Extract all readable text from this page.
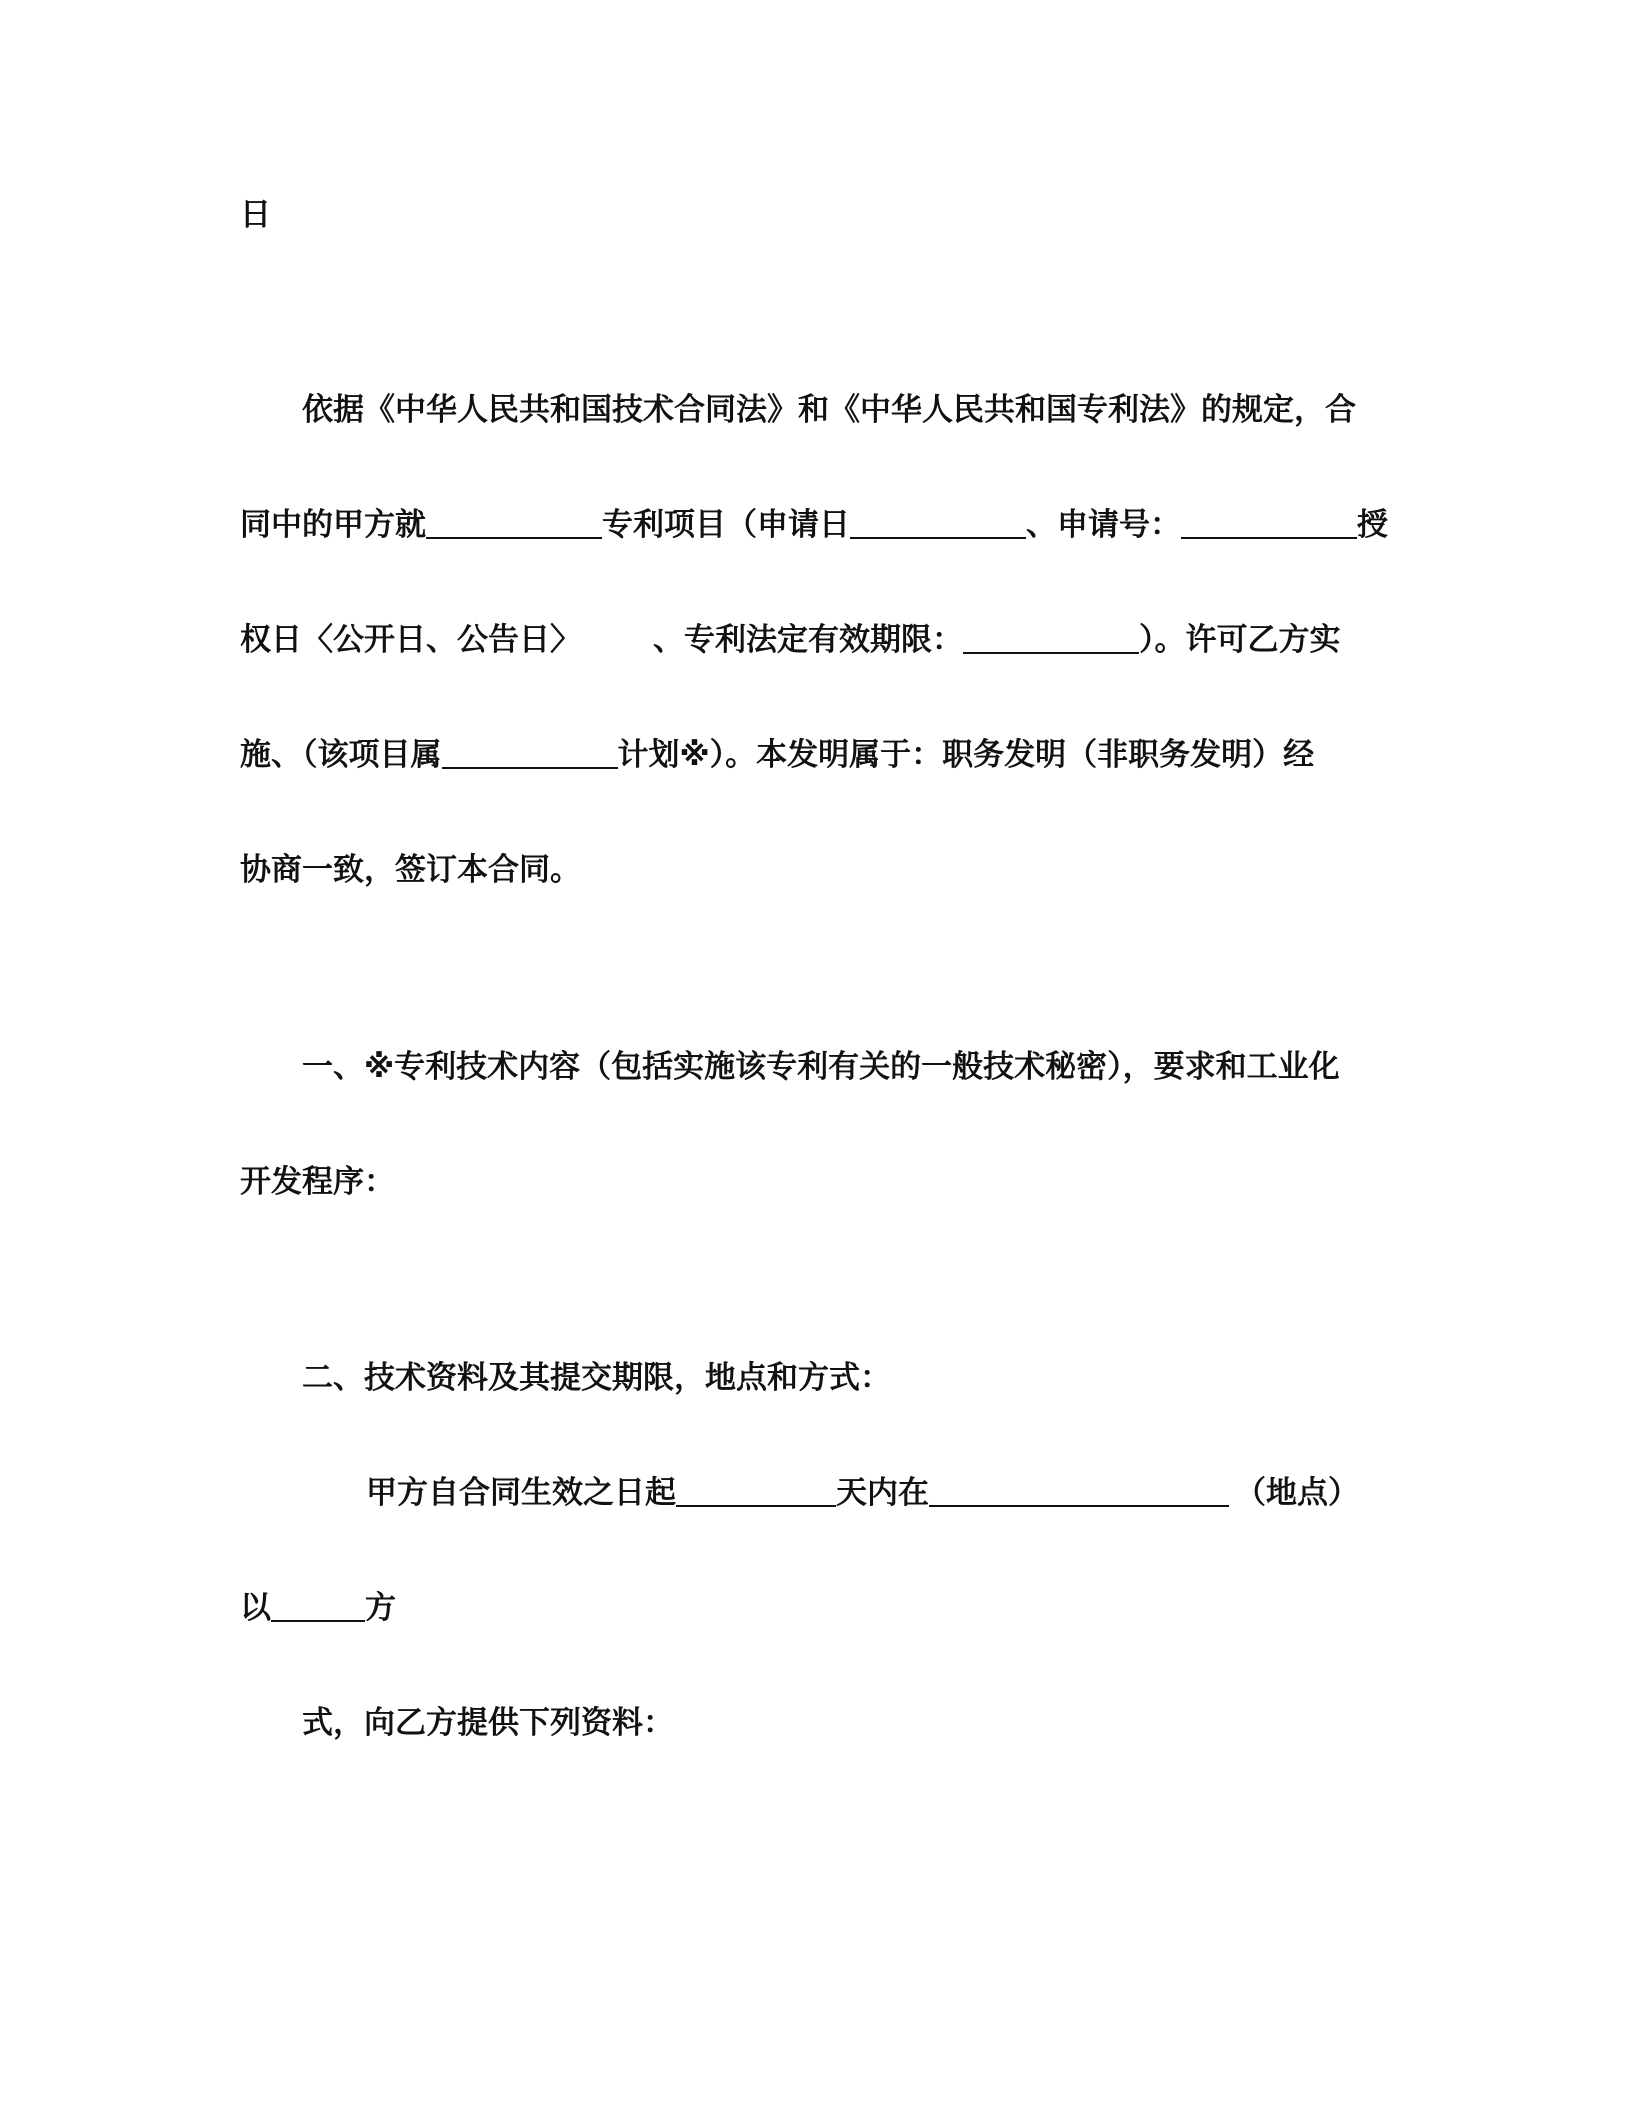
日
依据《中华人民共和国技术合同法》和《中华人民共和国专利法》的规定，合
同中的甲方就	专利项目（申请日	、申请号：	授
权日〈公开日、公告日〉 、专利法定有效期限：	）。许可乙方实
施、（该项目属	计划※）。本发明属于：职务发明（非职务发明）经
协商一致，签订本合同。
一、※专利技术内容（包括实施该专利有关的一般技术秘密），要求和工业化
开发程序：
二、技术资料及其提交期限，地点和方式：
甲方自合同生效之日起	天内在	（地点）
以	方
式，向乙方提供下列资料：
